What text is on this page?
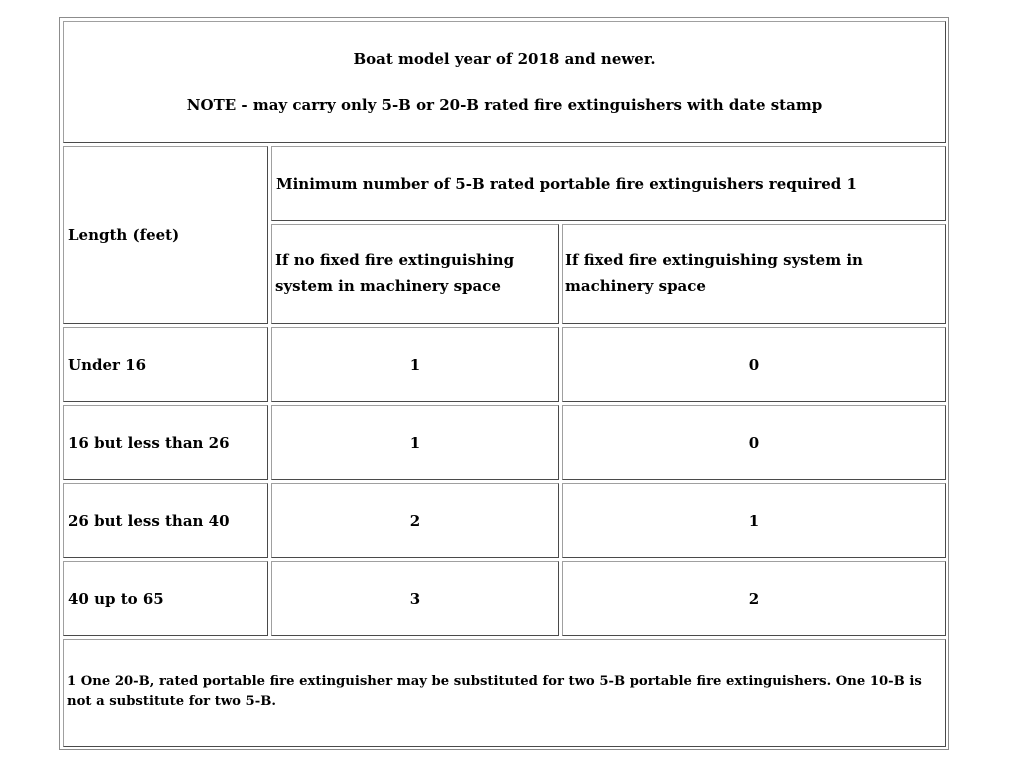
Boat model year of 2018 and newer.
NOTE - may carry only 5-B or 20-B rated fire extinguishers with date stamp
Length (feet)
Minimum number of 5-B rated portable fire extinguishers required 1
If no fixed fire extinguishing system in machinery space
If fixed fire extinguishing system in machinery space
Under 16	1	0
16 but less than 26	1	0
26 but less than 40	2	1
40 up to 65	3	2
1 One 20-B, rated portable fire extinguisher may be substituted for two 5-B portable fire extinguishers. One 10-B is not a substitute for two 5-B.
